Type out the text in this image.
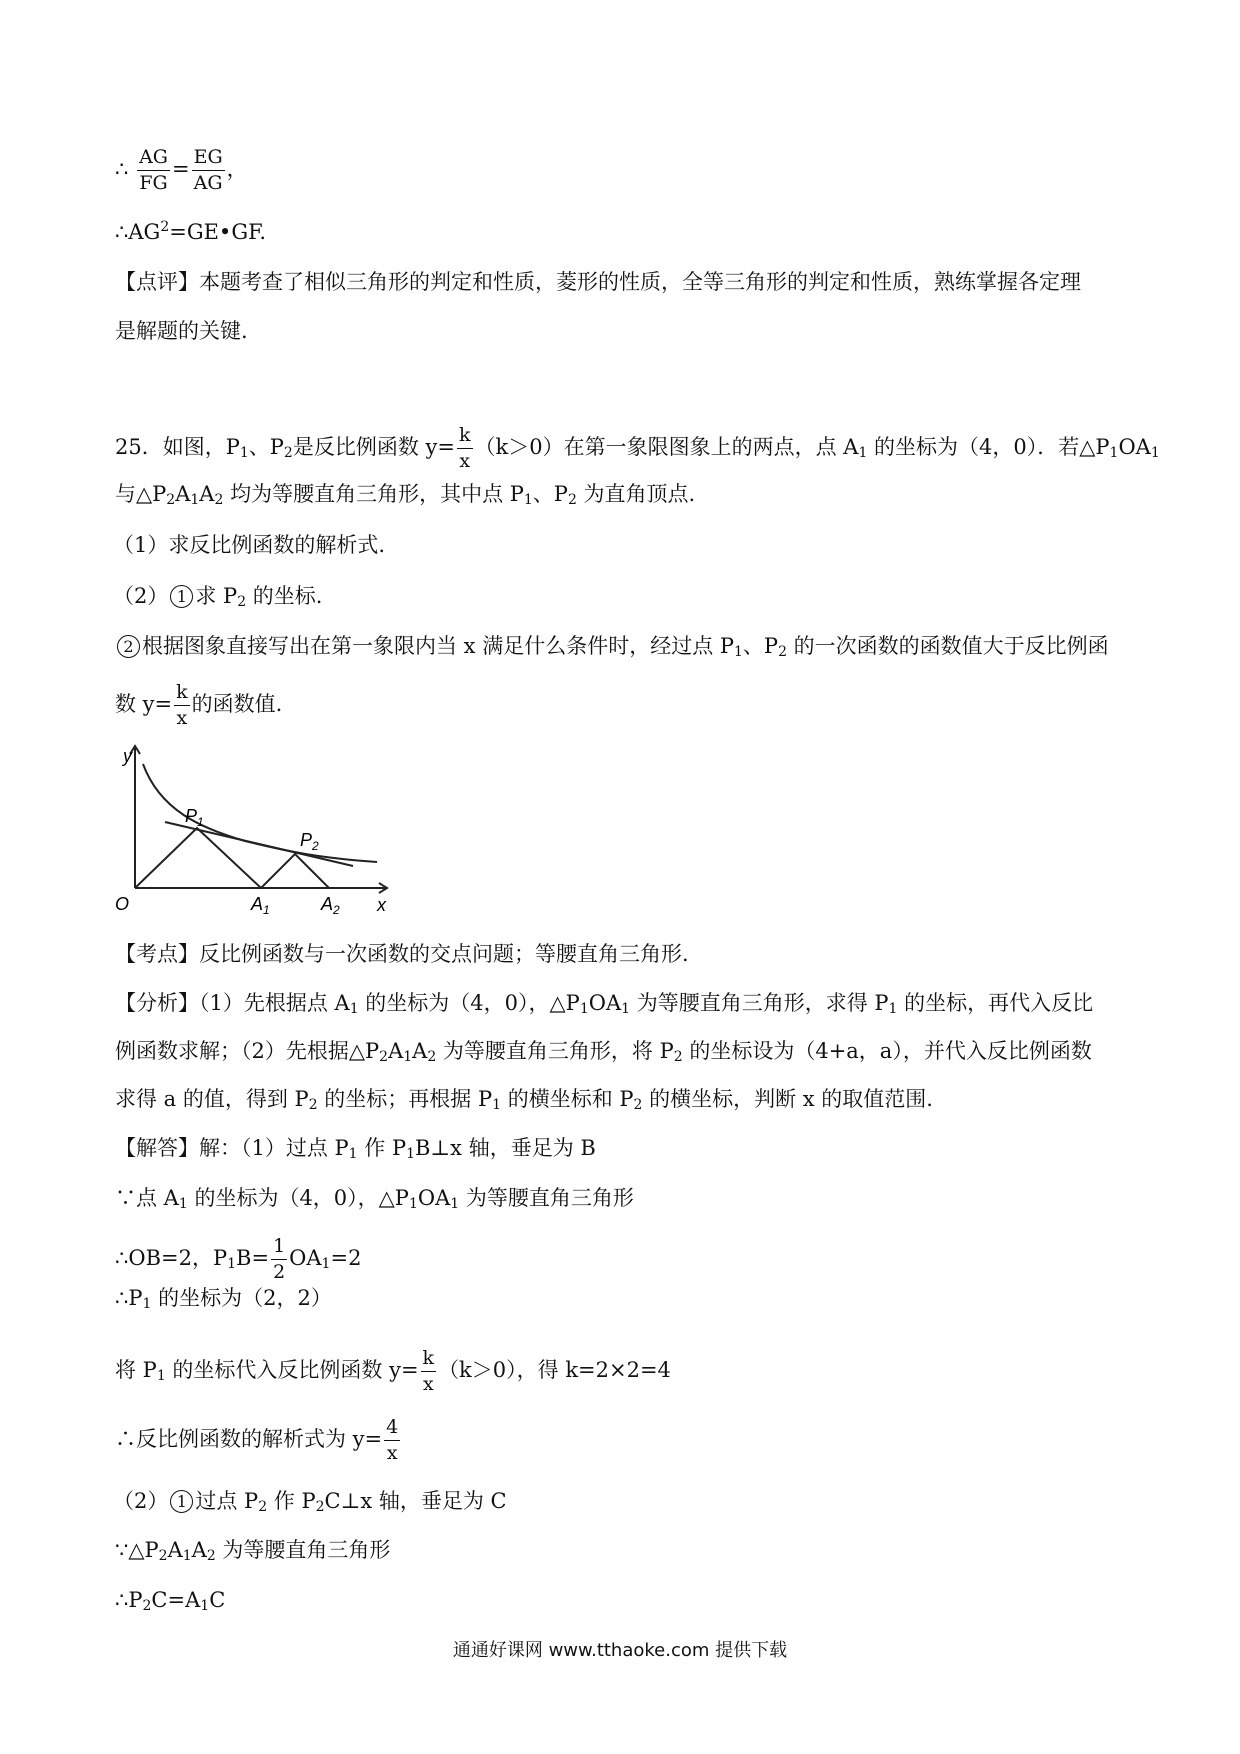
∴ $\frac{AG}{FG} = \frac{EG}{AG}$ ，
$\therefore AG^2=GE•GF$.
【点评】本题考查了相似三角形的判定和性质，菱形的性质，全等三角形的判定和性质，熟练掌握各定理
是解题的关键.
25．如图，$P_1$、$P_2$是反比例函数 $y= \frac{k}{x} (k>0)$在第一象限图象上的两点，点 $A_1$ 的坐标为（4，0）．若$\triangle P_1OA_1$
与$\triangle P_2A_1A_2$ 均为等腰直角三角形，其中点 $P_1$、$P_2$ 为直角顶点.
（1）求反比例函数的解析式.
（2） 1 求 $P_2$ 的坐标.
2 根据图象直接写出在第一象限内当 x 满足什么条件时，经过点 $P_1$、$P_2$ 的一次函数的函数值大于反比例函
数 $y= \frac{k}{x}$ 的函数值.
y
x
O
$P_1$
$P_2$
$A_1$	$A_2$
【考点】反比例函数与一次函数的交点问题；等腰直角三角形.
【分析】（1）先根据点 $A_1$ 的坐标为（4，0），$\triangle P_1OA_1$ 为等腰直角三角形，求得 $P_1$ 的坐标，再代入反比
例函数求解；（2）先根据$\triangle P_2A_1A_2$ 为等腰直角三角形，将 $P_2$ 的坐标设为（4+a，a），并代入反比例函数
求得 a 的值，得到 $P_2$ 的坐标；再根据 $P_1$ 的横坐标和 $P_2$ 的横坐标，判断 x 的取值范围.
【解答】解：（1）过点 $P_1$ 作 $P_1B\perp x$ 轴，垂足为 B
∵点 $A_1$ 的坐标为（4，0），$\triangle P_1OA_1$ 为等腰直角三角形
∴OB=2，$P_1B= \frac{1}{2} OA_1=2$
$\therefore P_1$ 的坐标为（2，2）
将 $P_1$ 的坐标代入反比例函数 $y= \frac{k}{x} (k>0)$，得 k=2×2=4
∴反比例函数的解析式为 $y= \frac{4}{x}$
（2） 1 过点 $P_2$ 作 $P_2C\perp x$ 轴，垂足为 C
$\because\triangle P_2A_1A_2$ 为等腰直角三角形
$\therefore P_2C=A_1C$
通通好课网 www.tthaoke.com 提供下载
